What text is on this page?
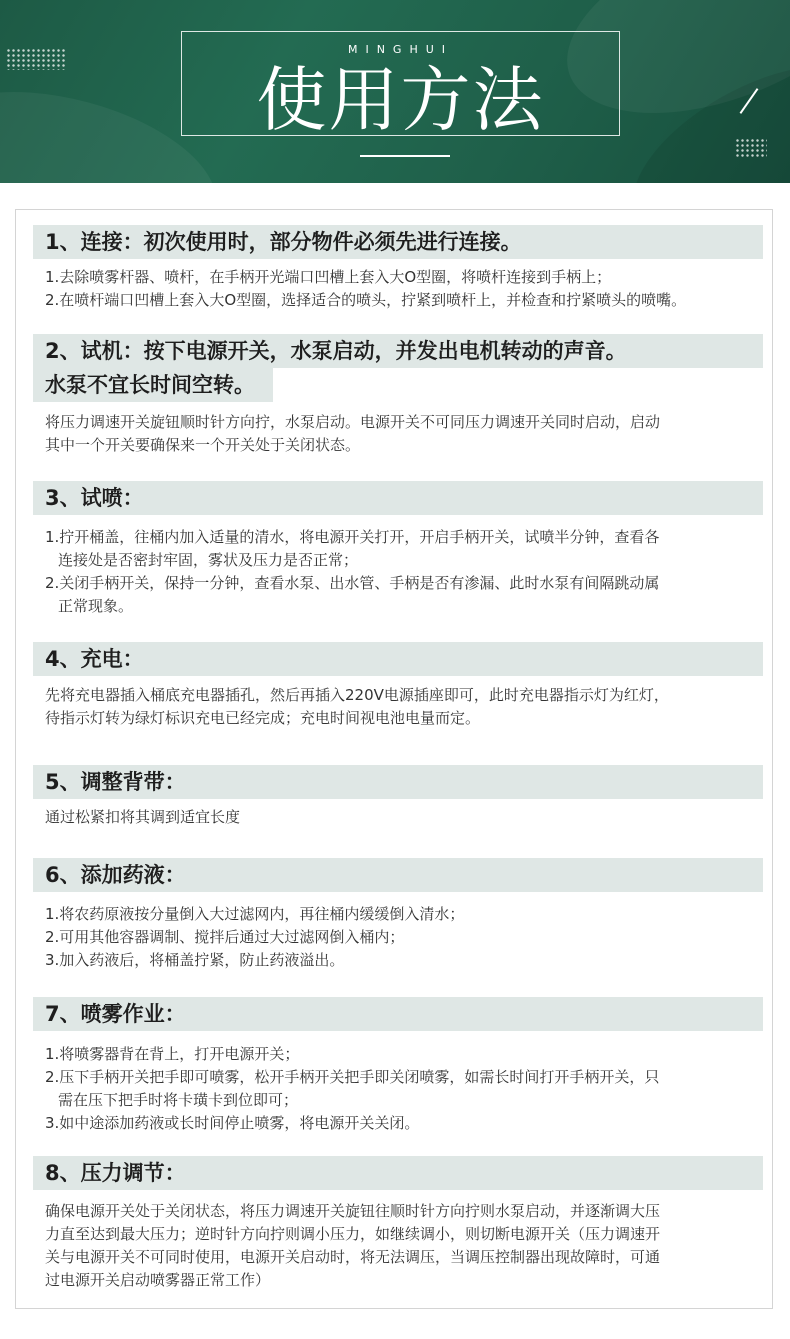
MINGHUI
使用方法
1、连接：初次使用时，部分物件必须先进行连接。
1.去除喷雾杆器、喷杆，在手柄开光端口凹槽上套入大O型圈，将喷杆连接到手柄上；
2.在喷杆端口凹槽上套入大O型圈，选择适合的喷头，拧紧到喷杆上，并检查和拧紧喷头的喷嘴。
2、试机：按下电源开关，水泵启动，并发出电机转动的声音。
水泵不宜长时间空转。
将压力调速开关旋钮顺时针方向拧，水泵启动。电源开关不可同压力调速开关同时启动，启动
其中一个开关要确保来一个开关处于关闭状态。
3、试喷：
1.拧开桶盖，往桶内加入适量的清水，将电源开关打开，开启手柄开关，试喷半分钟，查看各
连接处是否密封牢固，雾状及压力是否正常；
2.关闭手柄开关，保持一分钟，查看水泵、出水管、手柄是否有渗漏、此时水泵有间隔跳动属
正常现象。
4、充电：
先将充电器插入桶底充电器插孔，然后再插入220V电源插座即可，此时充电器指示灯为红灯，
待指示灯转为绿灯标识充电已经完成；充电时间视电池电量而定。
5、调整背带：
通过松紧扣将其调到适宜长度
6、添加药液：
1.将农药原液按分量倒入大过滤网内，再往桶内缓缓倒入清水；
2.可用其他容器调制、搅拌后通过大过滤网倒入桶内；
3.加入药液后，将桶盖拧紧，防止药液溢出。
7、喷雾作业：
1.将喷雾器背在背上，打开电源开关；
2.压下手柄开关把手即可喷雾，松开手柄开关把手即关闭喷雾，如需长时间打开手柄开关，只
需在压下把手时将卡璜卡到位即可；
3.如中途添加药液或长时间停止喷雾，将电源开关关闭。
8、压力调节：
确保电源开关处于关闭状态，将压力调速开关旋钮往顺时针方向拧则水泵启动，并逐渐调大压
力直至达到最大压力；逆时针方向拧则调小压力，如继续调小，则切断电源开关（压力调速开
关与电源开关不可同时使用，电源开关启动时，将无法调压，当调压控制器出现故障时，可通
过电源开关启动喷雾器正常工作）
